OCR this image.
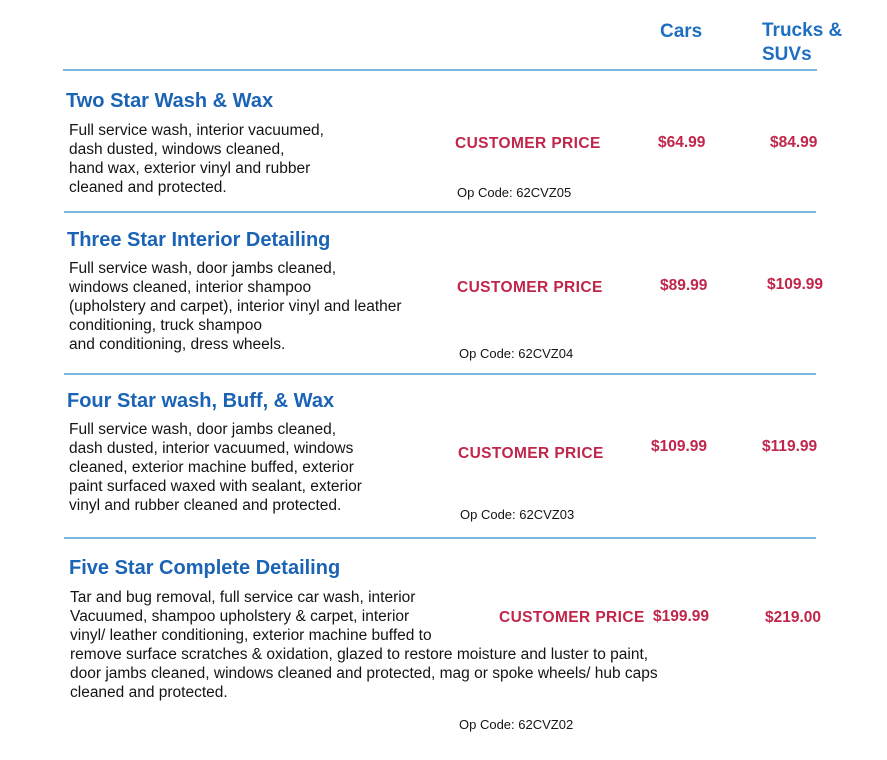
Cars	Trucks & SUVs
Two Star Wash & Wax
Full service wash, interior vacuumed,
dash dusted, windows cleaned,
hand wax, exterior vinyl and rubber
cleaned and protected.
CUSTOMER PRICE	$64.99	$84.99
Op Code: 62CVZ05
Three Star Interior Detailing
Full service wash, door jambs cleaned,
windows cleaned, interior shampoo
(upholstery and carpet), interior vinyl and leather
conditioning, truck shampoo
and conditioning, dress wheels.
CUSTOMER PRICE	$89.99	$109.99
Op Code: 62CVZ04
Four Star wash, Buff, & Wax
Full service wash, door jambs cleaned,
dash dusted, interior vacuumed, windows
cleaned, exterior machine buffed, exterior
paint surfaced waxed with sealant, exterior
vinyl and rubber cleaned and protected.
CUSTOMER PRICE	$109.99	$119.99
Op Code: 62CVZ03
Five Star Complete Detailing
Tar and bug removal, full service car wash, interior
Vacuumed, shampoo upholstery & carpet, interior
vinyl/ leather conditioning, exterior machine buffed to
remove surface scratches & oxidation, glazed to restore moisture and luster to paint,
door jambs cleaned, windows cleaned and protected, mag or spoke wheels/ hub caps
cleaned and protected.
CUSTOMER PRICE $199.99	$219.00
Op Code: 62CVZ02
